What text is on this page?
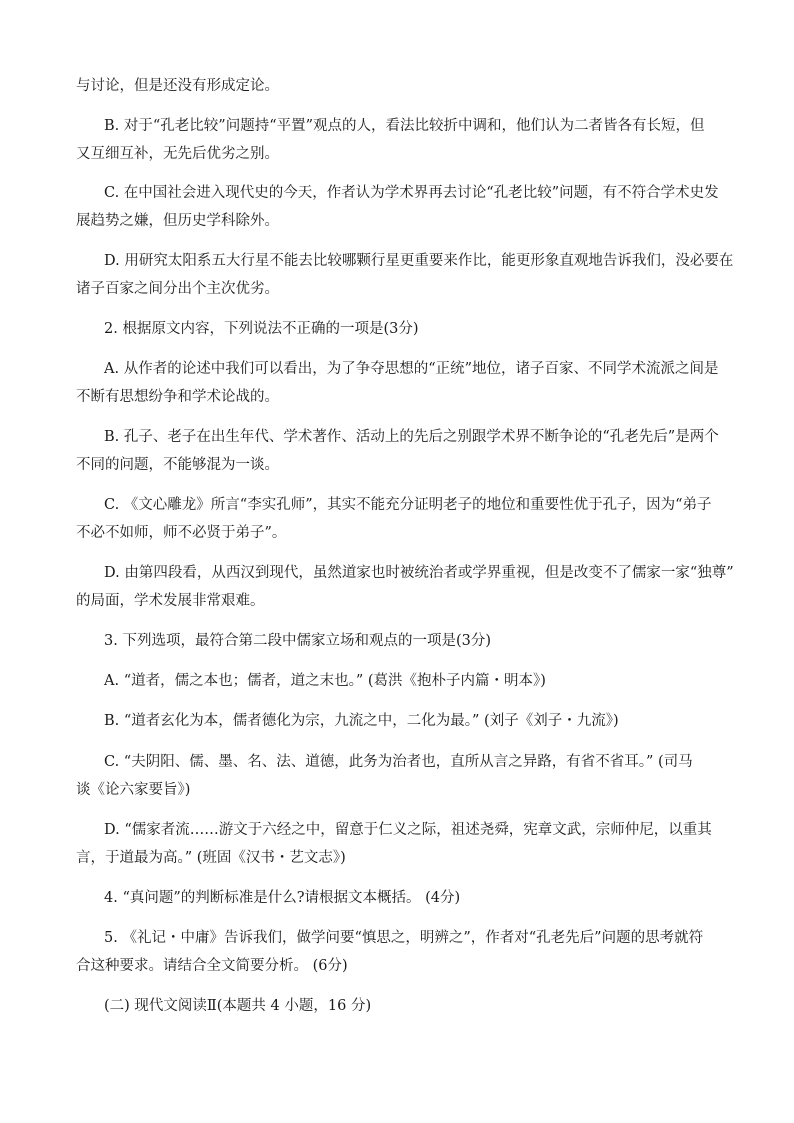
与讨论，但是还没有形成定论。

B. 对于“孔老比较”问题持“平置”观点的人，看法比较折中调和，他们认为二者皆各有长短，但
又互细互补，无先后优劣之别。

C. 在中国社会进入现代史的今天，作者认为学术界再去讨论“孔老比较”问题，有不符合学术史发
展趋势之嫌，但历史学科除外。

D. 用研究太阳系五大行星不能去比较哪颗行星更重要来作比，能更形象直观地告诉我们，没必要在
诸子百家之间分出个主次优劣。

2. 根据原文内容，下列说法不正确的一项是(3分)

A. 从作者的论述中我们可以看出，为了争夺思想的“正统”地位，诸子百家、不同学术流派之间是
不断有思想纷争和学术论战的。

B. 孔子、老子在出生年代、学术著作、活动上的先后之别跟学术界不断争论的“孔老先后”是两个
不同的问题，不能够混为一谈。

C. 《文心雕龙》所言“李实孔师”，其实不能充分证明老子的地位和重要性优于孔子，因为“弟子
不必不如师，师不必贤于弟子”。

D. 由第四段看，从西汉到现代，虽然道家也时被统治者或学界重视，但是改变不了儒家一家“独尊”
的局面，学术发展非常艰难。

3. 下列选项，最符合第二段中儒家立场和观点的一项是(3分)

A. “道者，儒之本也；儒者，道之末也。” (葛洪《抱朴子内篇・明本》)

B. “道者玄化为本，儒者德化为宗，九流之中，二化为最。” (刘子《刘子・九流》)

C. “夫阴阳、儒、墨、名、法、道德，此务为治者也，直所从言之异路，有省不省耳。” (司马
谈《论六家要旨》)

D. “儒家者流……游文于六经之中，留意于仁义之际，祖述尧舜，宪章文武，宗师仲尼，以重其
言，于道最为高。” (班固《汉书・艺文志》)

4. “真问题”的判断标准是什么?请根据文本概括。 (4分)

5. 《礼记・中庸》告诉我们，做学问要“慎思之，明辨之”，作者对“孔老先后”问题的思考就符
合这种要求。请结合全文简要分析。 (6分)

(二) 现代文阅读Ⅱ(本题共 4 小题，16 分)
